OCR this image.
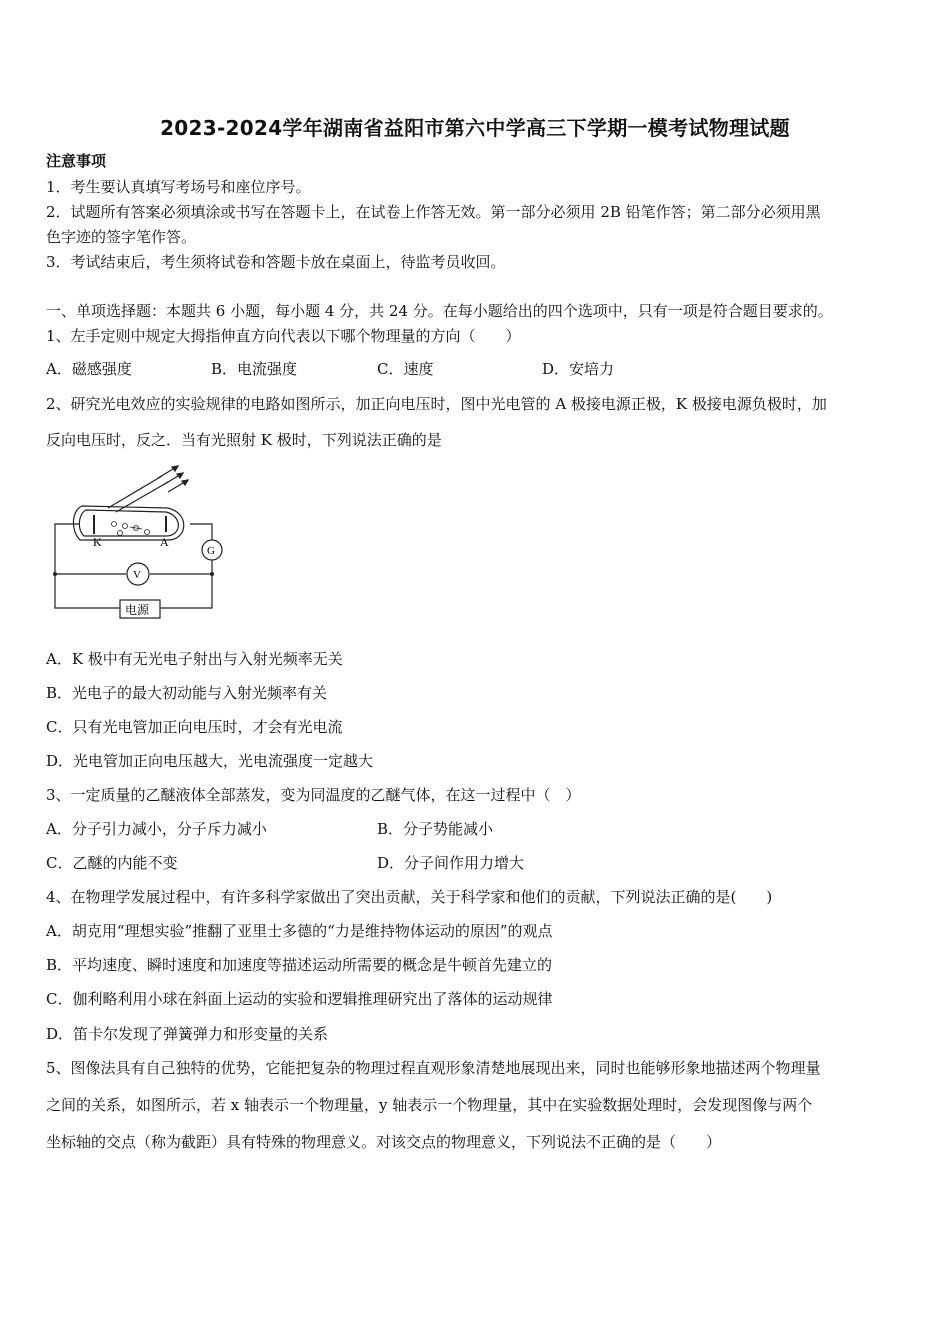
2023-2024学年湖南省益阳市第六中学高三下学期一模考试物理试题
注意事项
1．考生要认真填写考场号和座位序号。
2．试题所有答案必须填涂或书写在答题卡上，在试卷上作答无效。第一部分必须用 2B 铅笔作答；第二部分必须用黑
色字迹的签字笔作答。
3．考试结束后，考生须将试卷和答题卡放在桌面上，待监考员收回。
一、单项选择题：本题共 6 小题，每小题 4 分，共 24 分。在每小题给出的四个选项中，只有一项是符合题目要求的。
1、左手定则中规定大拇指伸直方向代表以下哪个物理量的方向（　　）
A．磁感强度	B．电流强度	C．速度	D．安培力
2、研究光电效应的实验规律的电路如图所示，加正向电压时，图中光电管的 A 极接电源正极，K 极接电源负极时，加
反向电压时，反之．当有光照射 K 极时，下列说法正确的是
K	A
G
V
电源
A．K 极中有无光电子射出与入射光频率无关
B．光电子的最大初动能与入射光频率有关
C．只有光电管加正向电压时，才会有光电流
D．光电管加正向电压越大，光电流强度一定越大
3、一定质量的乙醚液体全部蒸发，变为同温度的乙醚气体，在这一过程中（　）
A．分子引力减小，分子斥力减小	B．分子势能减小
C．乙醚的内能不变	D．分子间作用力增大
4、在物理学发展过程中，有许多科学家做出了突出贡献，关于科学家和他们的贡献，下列说法正确的是(　　)
A．胡克用“理想实验”推翻了亚里士多德的“力是维持物体运动的原因”的观点
B．平均速度、瞬时速度和加速度等描述运动所需要的概念是牛顿首先建立的
C．伽利略利用小球在斜面上运动的实验和逻辑推理研究出了落体的运动规律
D．笛卡尔发现了弹簧弹力和形变量的关系
5、图像法具有自己独特的优势，它能把复杂的物理过程直观形象清楚地展现出来，同时也能够形象地描述两个物理量
之间的关系，如图所示，若 x 轴表示一个物理量，y 轴表示一个物理量，其中在实验数据处理时，会发现图像与两个
坐标轴的交点（称为截距）具有特殊的物理意义。对该交点的物理意义，下列说法不正确的是（　　）
